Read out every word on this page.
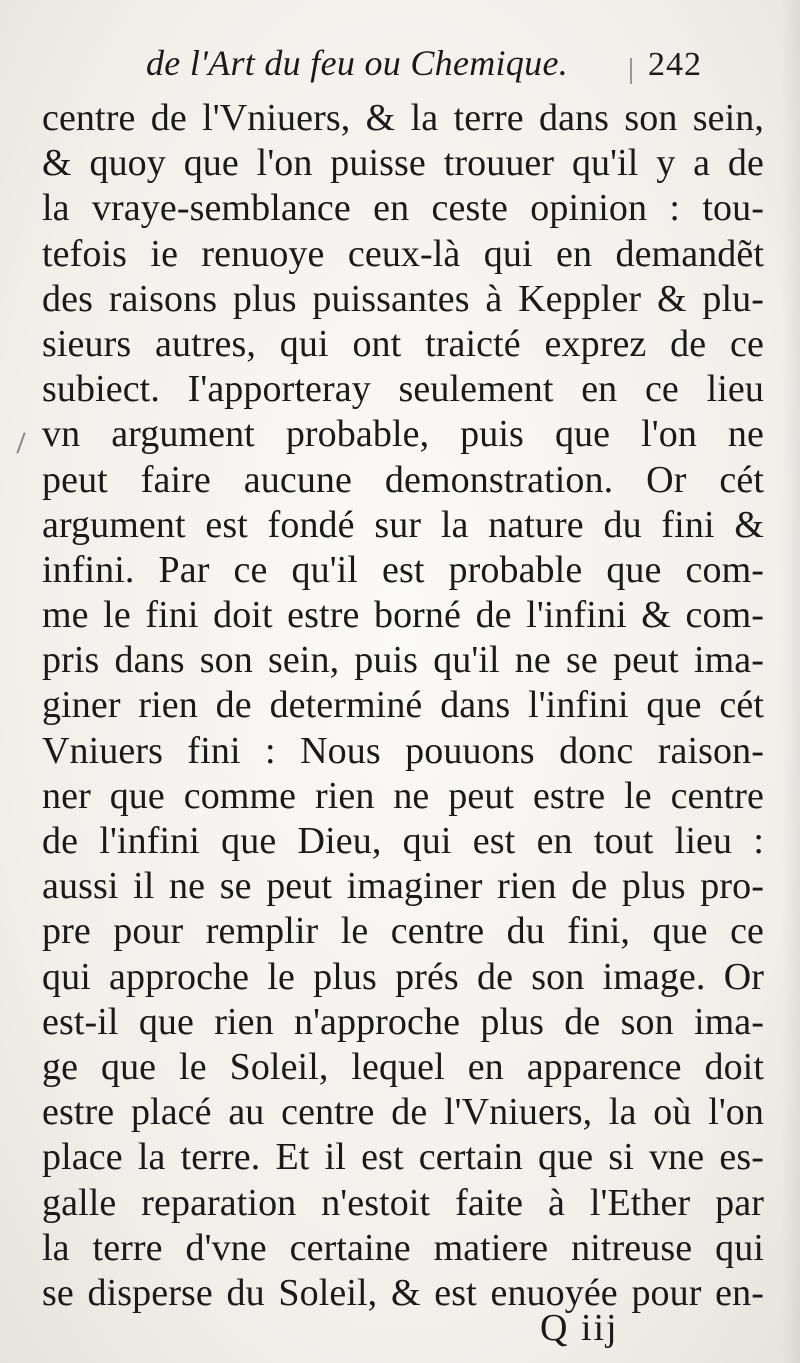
de l'Art du feu ou Chemique. 242
centre de l'Vniuers, & la terre dans son sein,
& quoy que l'on puisse trouuer qu'il y a de
la vraye-semblance en ceste opinion : tou-
tefois ie renuoye ceux-là qui en demandẽt
des raisons plus puissantes à Keppler & plu-
sieurs autres, qui ont traicté exprez de ce
subiect. I'apporteray seulement en ce lieu
vn argument probable, puis que l'on ne
peut faire aucune demonstration. Or cét
argument est fondé sur la nature du fini &
infini. Par ce qu'il est probable que com-
me le fini doit estre borné de l'infini & com-
pris dans son sein, puis qu'il ne se peut ima-
giner rien de determiné dans l'infini que cét
Vniuers fini : Nous pouuons donc raison-
ner que comme rien ne peut estre le centre
de l'infini que Dieu, qui est en tout lieu :
aussi il ne se peut imaginer rien de plus pro-
pre pour remplir le centre du fini, que ce
qui approche le plus prés de son image. Or
est-il que rien n'approche plus de son ima-
ge que le Soleil, lequel en apparence doit
estre placé au centre de l'Vniuers, la où l'on
place la terre. Et il est certain que si vne es-
galle reparation n'estoit faite à l'Ether par
la terre d'vne certaine matiere nitreuse qui
se disperse du Soleil, & est enuoyée pour en-
Q iij
